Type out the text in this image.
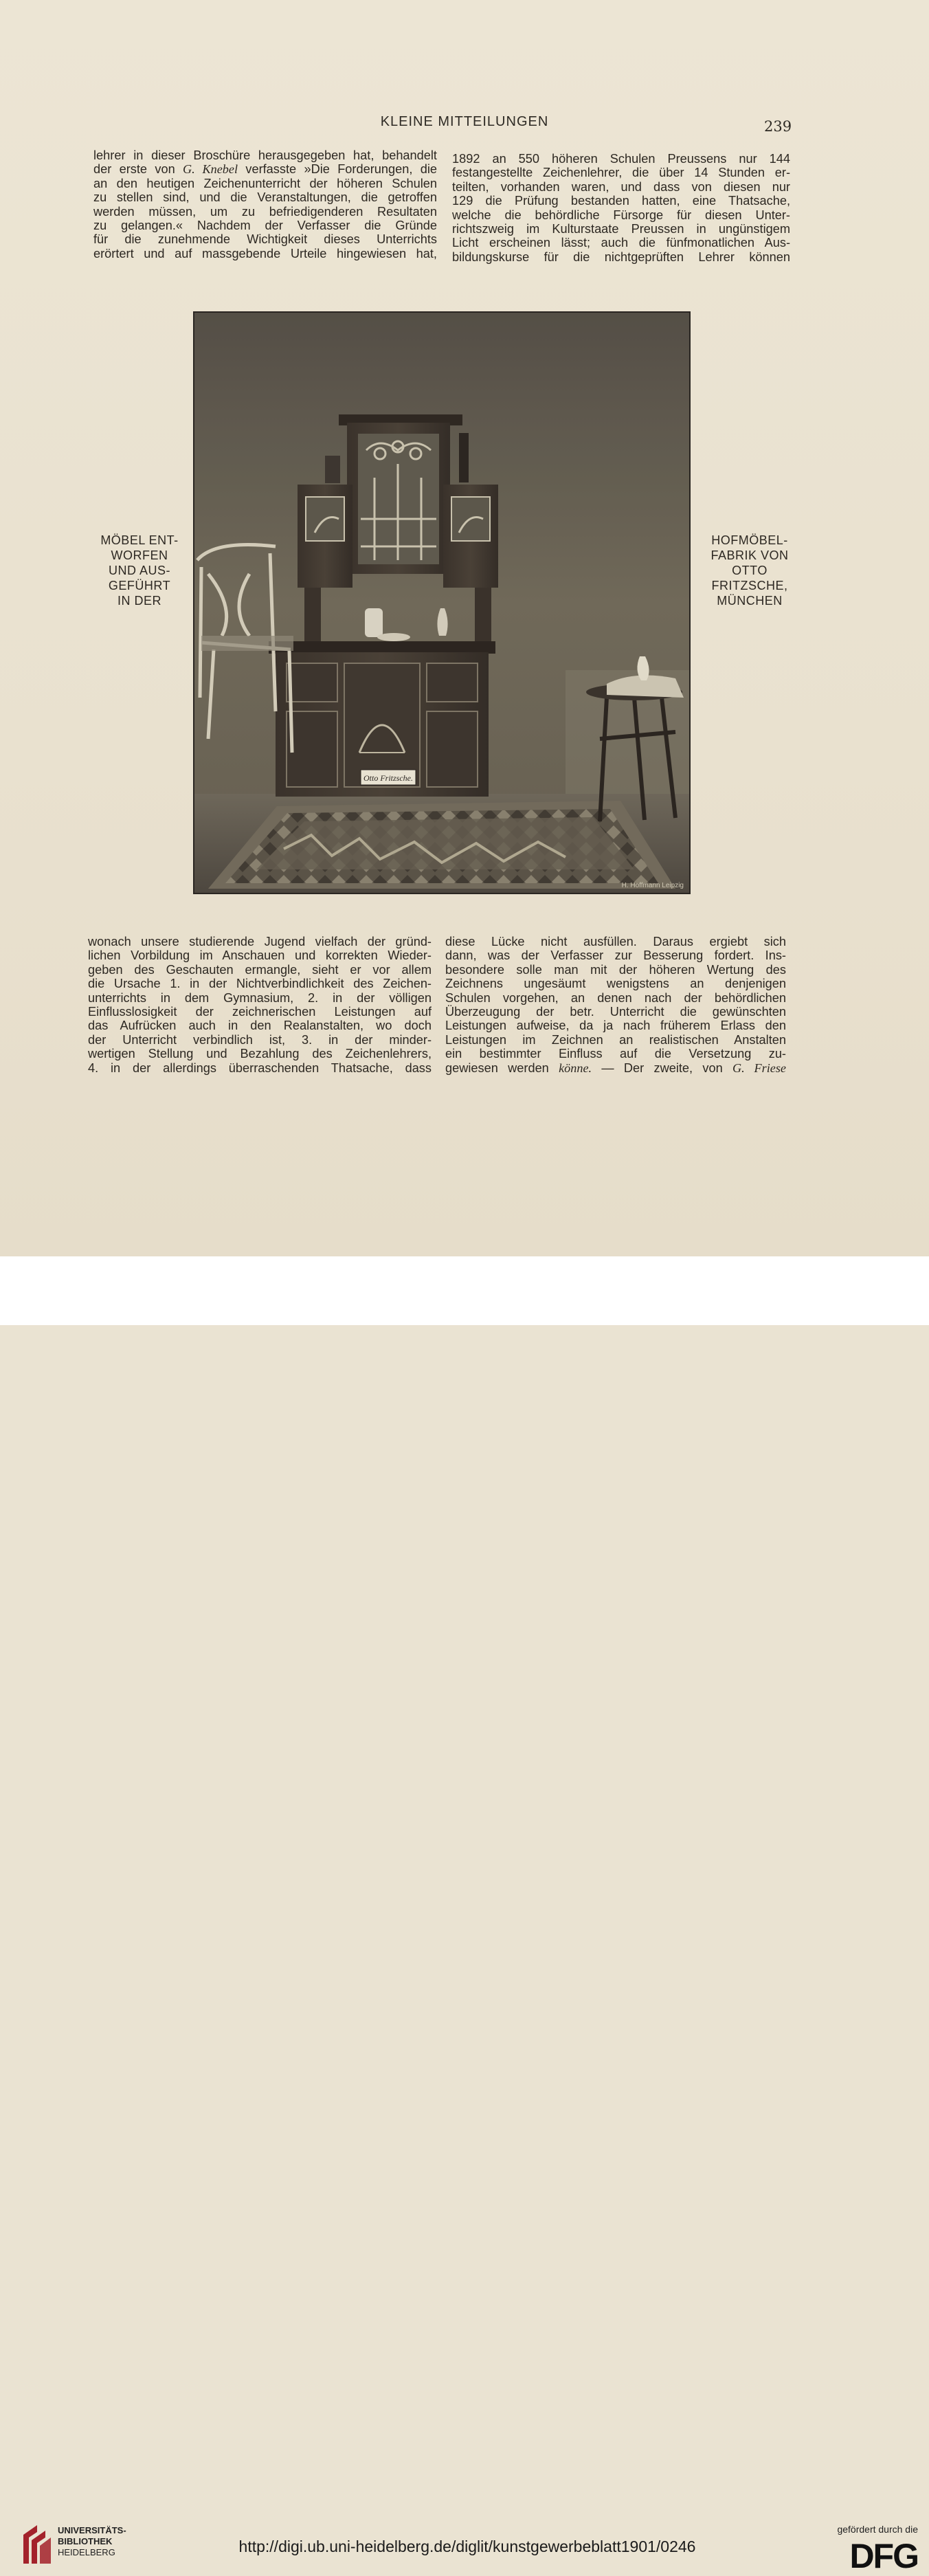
KLEINE MITTEILUNGEN	239
lehrer in dieser Broschüre herausgegeben hat, behandelt
der erste von G. Knebel verfasste »Die Forderungen, die
an den heutigen Zeichenunterricht der höheren Schulen
zu stellen sind, und die Veranstaltungen, die getroffen
werden müssen, um zu befriedigenderen Resultaten
zu gelangen.« Nachdem der Verfasser die Gründe
für die zunehmende Wichtigkeit dieses Unterrichts
erörtert und auf massgebende Urteile hingewiesen hat,
1892 an 550 höheren Schulen Preussens nur 144
festangestellte Zeichenlehrer, die über 14 Stunden er-
teilten, vorhanden waren, und dass von diesen nur
129 die Prüfung bestanden hatten, eine Thatsache,
welche die behördliche Fürsorge für diesen Unter-
richtszweig im Kulturstaate Preussen in ungünstigem
Licht erscheinen lässt; auch die fünfmonatlichen Aus-
bildungskurse für die nichtgeprüften Lehrer können
MÖBEL ENT-
WORFEN
UND AUS-
GEFÜHRT
IN DER
HOFMÖBEL-
FABRIK VON
OTTO
FRITZSCHE,
MÜNCHEN
Otto Fritzsche.
H. Hoffmann Leipzig
wonach unsere studierende Jugend vielfach der gründ-
lichen Vorbildung im Anschauen und korrekten Wieder-
geben des Geschauten ermangle, sieht er vor allem
die Ursache 1. in der Nichtverbindlichkeit des Zeichen-
unterrichts in dem Gymnasium, 2. in der völligen
Einflusslosigkeit der zeichnerischen Leistungen auf
das Aufrücken auch in den Realanstalten, wo doch
der Unterricht verbindlich ist, 3. in der minder-
wertigen Stellung und Bezahlung des Zeichenlehrers,
4. in der allerdings überraschenden Thatsache, dass
diese Lücke nicht ausfüllen. Daraus ergiebt sich
dann, was der Verfasser zur Besserung fordert. Ins-
besondere solle man mit der höheren Wertung des
Zeichnens ungesäumt wenigstens an denjenigen
Schulen vorgehen, an denen nach der behördlichen
Überzeugung der betr. Unterricht die gewünschten
Leistungen aufweise, da ja nach früherem Erlass den
Leistungen im Zeichnen an realistischen Anstalten
ein bestimmter Einfluss auf die Versetzung zu-
gewiesen werden könne. — Der zweite, von G. Friese
UNIVERSITÄTS-
BIBLIOTHEK
HEIDELBERG	http://digi.ub.uni-heidelberg.de/diglit/kunstgewerbeblatt1901/0246
gefördert durch die
DFG
